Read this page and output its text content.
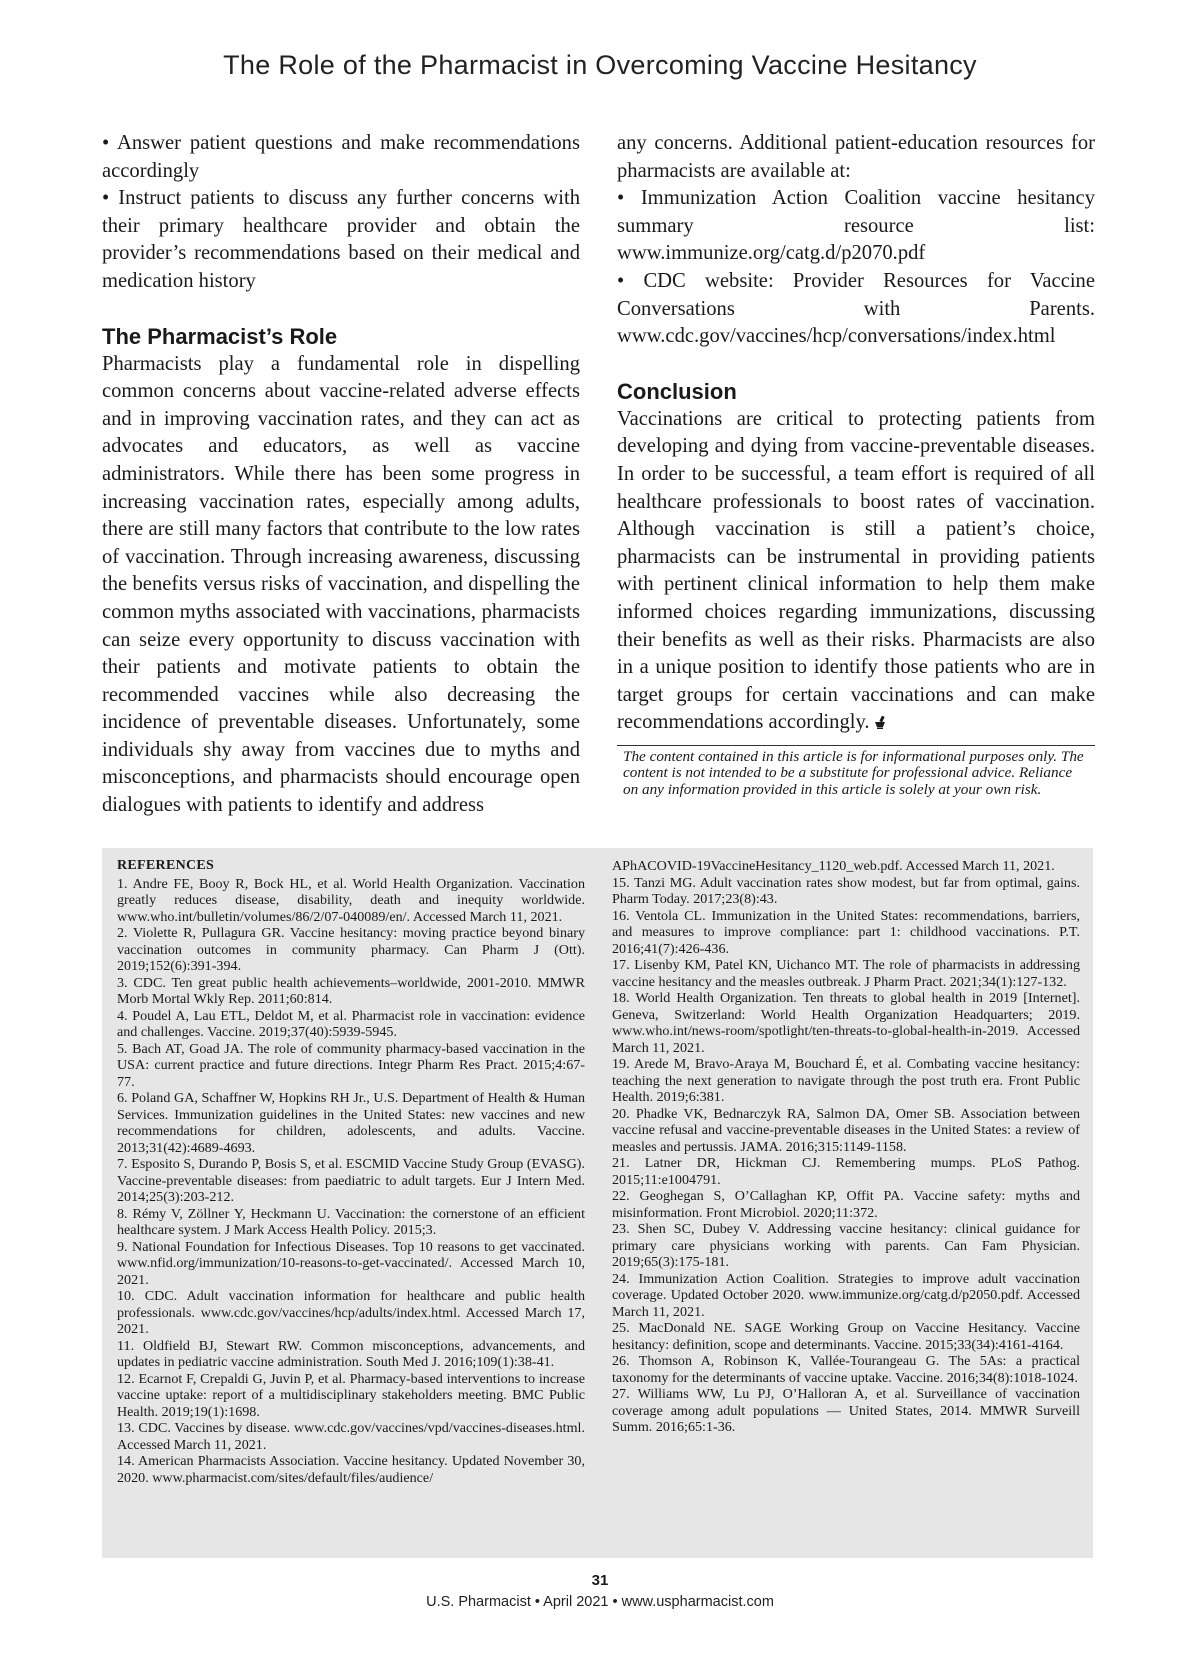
The Role of the Pharmacist in Overcoming Vaccine Hesitancy

• Answer patient questions and make recommendations accordingly

• Instruct patients to discuss any further concerns with their primary healthcare provider and obtain the provider’s recommendations based on their medical and medication history

The Pharmacist’s Role

Pharmacists play a fundamental role in dispelling common concerns about vaccine-related adverse effects and in improving vaccination rates, and they can act as advocates and educators, as well as vaccine administrators. While there has been some progress in increasing vaccination rates, especially among adults, there are still many factors that contribute to the low rates of vaccination. Through increasing awareness, discussing the benefits versus risks of vaccination, and dispelling the common myths associated with vaccinations, pharmacists can seize every opportunity to discuss vaccination with their patients and motivate patients to obtain the recommended vaccines while also decreasing the incidence of preventable diseases. Unfortunately, some individuals shy away from vaccines due to myths and misconceptions, and pharmacists should encourage open dialogues with patients to identify and address

any concerns. Additional patient-education resources for pharmacists are available at:

• Immunization Action Coalition vaccine hesitancy summary resource list: www.immunize.org/catg.d/p2070.pdf

• CDC website: Provider Resources for Vaccine Conversations with Parents. www.cdc.gov/vaccines/hcp/conversations/index.html

Conclusion

Vaccinations are critical to protecting patients from developing and dying from vaccine-preventable diseases. In order to be successful, a team effort is required of all healthcare professionals to boost rates of vaccination. Although vaccination is still a patient’s choice, pharmacists can be instrumental in providing patients with pertinent clinical information to help them make informed choices regarding immunizations, discussing their benefits as well as their risks. Pharmacists are also in a unique position to identify those patients who are in target groups for certain vaccinations and can make recommendations accordingly.

The content contained in this article is for informational purposes only. The content is not intended to be a substitute for professional advice. Reliance on any information provided in this article is solely at your own risk.
REFERENCES

1. Andre FE, Booy R, Bock HL, et al. World Health Organization. Vaccination greatly reduces disease, disability, death and inequity worldwide. www.who.int/bulletin/volumes/86/2/07-040089/en/. Accessed March 11, 2021.

2. Violette R, Pullagura GR. Vaccine hesitancy: moving practice beyond binary vaccination outcomes in community pharmacy. Can Pharm J (Ott). 2019;152(6):391-394.

3. CDC. Ten great public health achievements–worldwide, 2001-2010. MMWR Morb Mortal Wkly Rep. 2011;60:814.

4. Poudel A, Lau ETL, Deldot M, et al. Pharmacist role in vaccination: evidence and challenges. Vaccine. 2019;37(40):5939-5945.

5. Bach AT, Goad JA. The role of community pharmacy-based vaccination in the USA: current practice and future directions. Integr Pharm Res Pract. 2015;4:67-77.

6. Poland GA, Schaffner W, Hopkins RH Jr., U.S. Department of Health & Human Services. Immunization guidelines in the United States: new vaccines and new recommendations for children, adolescents, and adults. Vaccine. 2013;31(42):4689-4693.

7. Esposito S, Durando P, Bosis S, et al. ESCMID Vaccine Study Group (EVASG). Vaccine-preventable diseases: from paediatric to adult targets. Eur J Intern Med. 2014;25(3):203-212.

8. Rémy V, Zöllner Y, Heckmann U. Vaccination: the cornerstone of an efficient healthcare system. J Mark Access Health Policy. 2015;3.

9. National Foundation for Infectious Diseases. Top 10 reasons to get vaccinated. www.nfid.org/immunization/10-reasons-to-get-vaccinated/. Accessed March 10, 2021.

10. CDC. Adult vaccination information for healthcare and public health professionals. www.cdc.gov/vaccines/hcp/adults/index.html. Accessed March 17, 2021.

11. Oldfield BJ, Stewart RW. Common misconceptions, advancements, and updates in pediatric vaccine administration. South Med J. 2016;109(1):38-41.

12. Ecarnot F, Crepaldi G, Juvin P, et al. Pharmacy-based interventions to increase vaccine uptake: report of a multidisciplinary stakeholders meeting. BMC Public Health. 2019;19(1):1698.

13. CDC. Vaccines by disease. www.cdc.gov/vaccines/vpd/vaccines-diseases.html. Accessed March 11, 2021.

14. American Pharmacists Association. Vaccine hesitancy. Updated November 30, 2020. www.pharmacist.com/sites/default/files/audience/

APhACOVID-19VaccineHesitancy_1120_web.pdf. Accessed March 11, 2021.

15. Tanzi MG. Adult vaccination rates show modest, but far from optimal, gains. Pharm Today. 2017;23(8):43.

16. Ventola CL. Immunization in the United States: recommendations, barriers, and measures to improve compliance: part 1: childhood vaccinations. P.T. 2016;41(7):426-436.

17. Lisenby KM, Patel KN, Uichanco MT. The role of pharmacists in addressing vaccine hesitancy and the measles outbreak. J Pharm Pract. 2021;34(1):127-132.

18. World Health Organization. Ten threats to global health in 2019 [Internet]. Geneva, Switzerland: World Health Organization Headquarters; 2019. www.who.int/news-room/spotlight/ten-threats-to-global-health-in-2019. Accessed March 11, 2021.

19. Arede M, Bravo-Araya M, Bouchard É, et al. Combating vaccine hesitancy: teaching the next generation to navigate through the post truth era. Front Public Health. 2019;6:381.

20. Phadke VK, Bednarczyk RA, Salmon DA, Omer SB. Association between vaccine refusal and vaccine-preventable diseases in the United States: a review of measles and pertussis. JAMA. 2016;315:1149-1158.

21. Latner DR, Hickman CJ. Remembering mumps. PLoS Pathog. 2015;11:e1004791.

22. Geoghegan S, O’Callaghan KP, Offit PA. Vaccine safety: myths and misinformation. Front Microbiol. 2020;11:372.

23. Shen SC, Dubey V. Addressing vaccine hesitancy: clinical guidance for primary care physicians working with parents. Can Fam Physician. 2019;65(3):175-181.

24. Immunization Action Coalition. Strategies to improve adult vaccination coverage. Updated October 2020. www.immunize.org/catg.d/p2050.pdf. Accessed March 11, 2021.

25. MacDonald NE. SAGE Working Group on Vaccine Hesitancy. Vaccine hesitancy: definition, scope and determinants. Vaccine. 2015;33(34):4161-4164.

26. Thomson A, Robinson K, Vallée-Tourangeau G. The 5As: a practical taxonomy for the determinants of vaccine uptake. Vaccine. 2016;34(8):1018-1024.

27. Williams WW, Lu PJ, O’Halloran A, et al. Surveillance of vaccination coverage among adult populations — United States, 2014. MMWR Surveill Summ. 2016;65:1-36.

31
U.S. Pharmacist • April 2021 • www.uspharmacist.com
